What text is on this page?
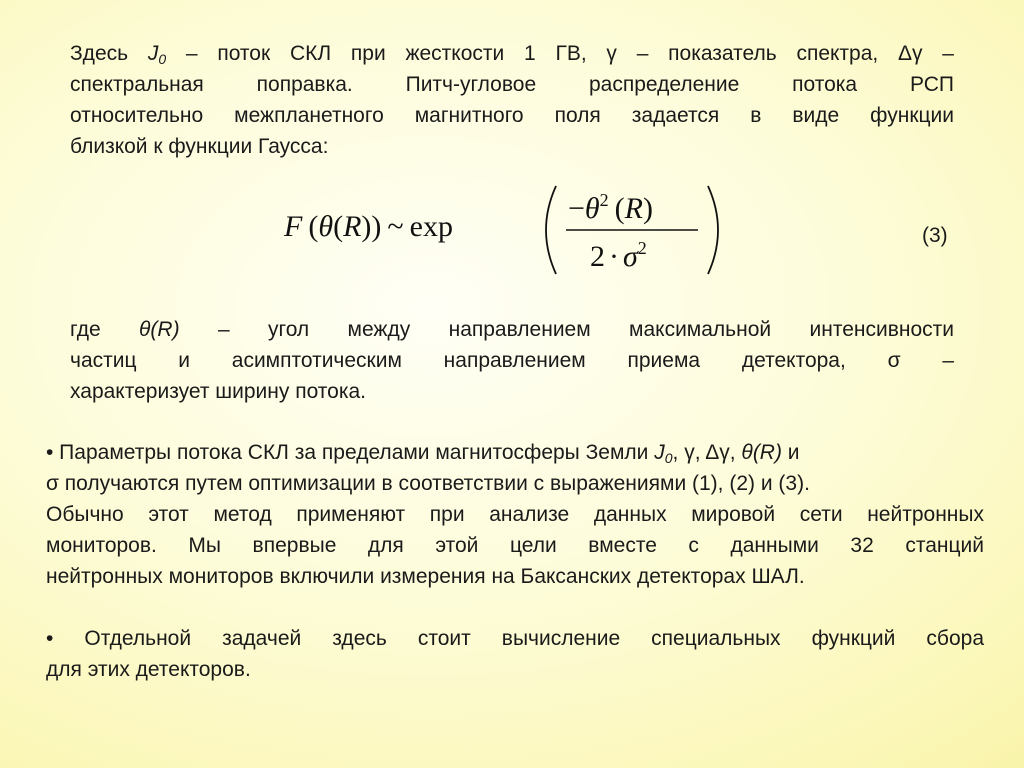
Здесь $J_0$ – поток СКЛ при жесткости 1 ГВ, γ – показатель спектра, Δγ –
спектральная поправка. Питч-угловое распределение потока РСП
относительно межпланетного магнитного поля задается в виде функции
близкой к функции Гаусса:

F (θ(R)) ~ exp
$-\theta^2$ (R)
$2 \cdot \sigma^2$
(3)

где θ(R) – угол между направлением максимальной интенсивности
частиц и асимптотическим направлением приема детектора, σ –
характеризует ширину потока.

• Параметры потока СКЛ за пределами магнитосферы Земли $J_0$, γ, Δγ, θ(R) и
σ получаются путем оптимизации в соответствии с выражениями (1), (2) и (3).
Обычно этот метод применяют при анализе данных мировой сети нейтронных
мониторов. Мы впервые для этой цели вместе с данными 32 станций
нейтронных мониторов включили измерения на Баксанских детекторах ШАЛ.

• Отдельной задачей здесь стоит вычисление специальных функций сбора
для этих детекторов.
